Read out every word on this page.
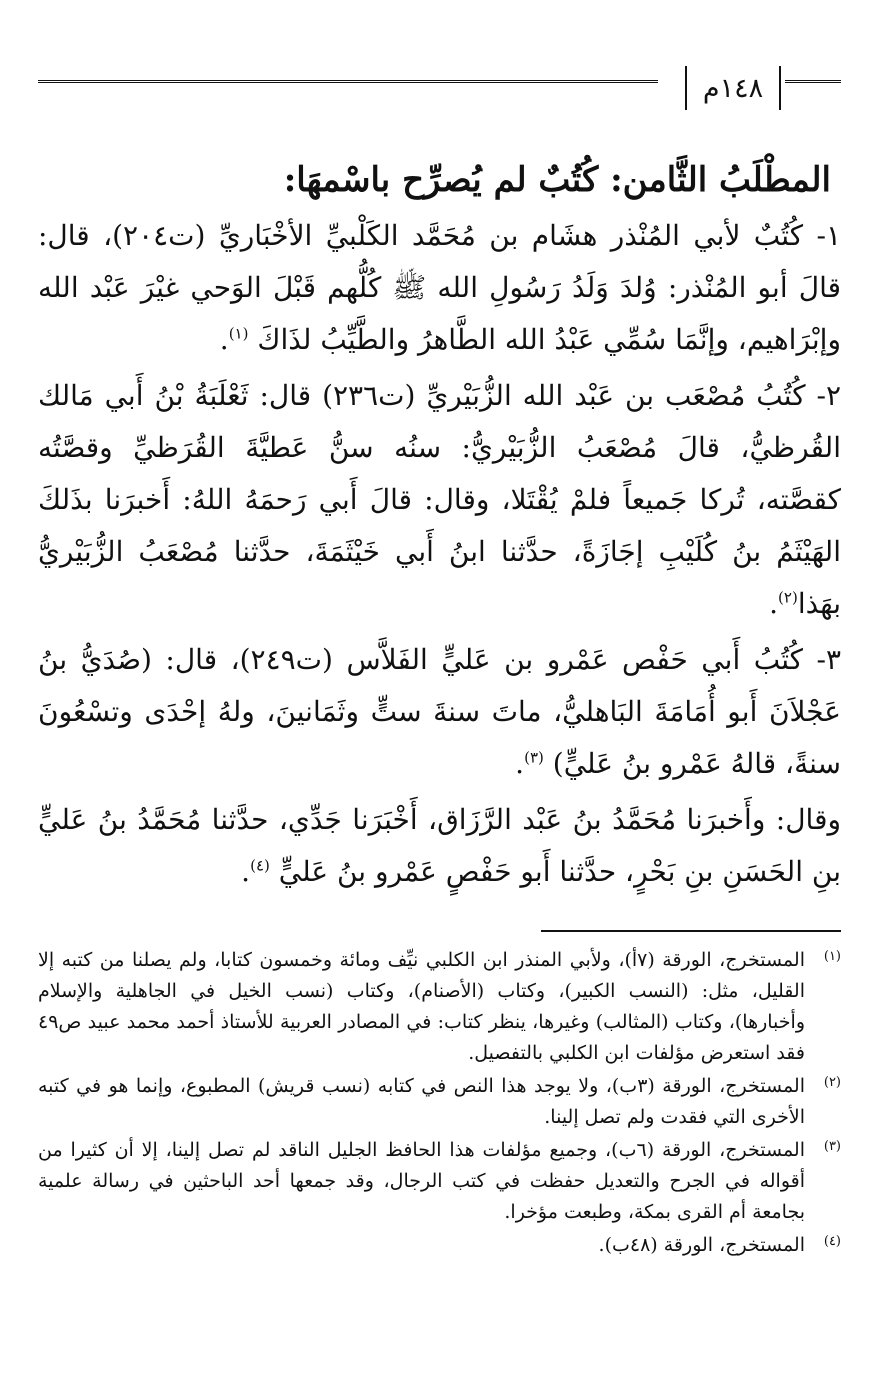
١٤٨م
المطْلَبُ الثَّامن: كُتُبٌ لم يُصرِّح باسْمهَا:

١- كُتُبٌ لأبي المُنْذر هشَام بن مُحَمَّد الكَلْبيِّ الأخْبَاريِّ (ت٢٠٤)، قال: قالَ أبو المُنْذر: وُلدَ وَلَدُ رَسُولِ الله ﷺ كُلُّهم قَبْلَ الوَحي غيْرَ عَبْد الله وإبْرَاهيم، وإنَّمَا سُمِّي عَبْدُ الله الطَّاهرُ والطَّيِّبُ لذَاكَ $^{(١)}$.

٢- كُتُبُ مُصْعَب بن عَبْد الله الزُّبَيْريِّ (ت٢٣٦) قال: ثَعْلَبَةُ بْنُ أَبي مَالك القُرظيُّ، قالَ مُصْعَبُ الزُّبَيْريُّ: سنُه سنُّ عَطيَّةَ القُرَظيِّ وقصَّتُه كقصَّته، تُركا جَميعاً فلمْ يُقْتَلا، وقال: قالَ أَبي رَحمَهُ اللهُ: أَخبرَنا بذَلكَ الهَيْثَمُ بنُ كُلَيْبِ إجَازَةً، حدَّثنا ابنُ أَبي خَيْثَمَةَ، حدَّثنا مُصْعَبُ الزُّبَيْريُّ بهَذا$^{(٢)}$.

٣- كُتُبُ أَبي حَفْص عَمْرو بن عَليٍّ الفَلاَّس (ت٢٤٩)، قال: (صُدَيُّ بنُ عَجْلاَنَ أَبو أُمَامَةَ البَاهليُّ، ماتَ سنةَ ستٍّ وثَمَانينَ، ولهُ إحْدَى وتسْعُونَ سنةً، قالهُ عَمْرو بنُ عَليٍّ) $^{(٣)}$.

وقال: وأَخبرَنا مُحَمَّدُ بنُ عَبْد الرَّزَاق، أَخْبَرَنا جَدِّي، حدَّثنا مُحَمَّدُ بنُ عَليٍّ بنِ الحَسَنِ بنِ بَحْرٍ، حدَّثنا أَبو حَفْصٍ عَمْرو بنُ عَليٍّ $^{(٤)}$.

(١)
المستخرج، الورقة (٧أ)، ولأبي المنذر ابن الكلبي نيِّف ومائة وخمسون كتابا، ولم يصلنا من كتبه إلا القليل، مثل: (النسب الكبير)، وكتاب (الأصنام)، وكتاب (نسب الخيل في الجاهلية والإسلام وأخبارها)، وكتاب (المثالب) وغيرها، ينظر كتاب: في المصادر العربية للأستاذ أحمد محمد عبيد ص٤٩ فقد استعرض مؤلفات ابن الكلبي بالتفصيل.
(٢)
المستخرج، الورقة (٣ب)، ولا يوجد هذا النص في كتابه (نسب قريش) المطبوع، وإنما هو في كتبه الأخرى التي فقدت ولم تصل إلينا.
(٣)
المستخرج، الورقة (٦ب)، وجميع مؤلفات هذا الحافظ الجليل الناقد لم تصل إلينا، إلا أن كثيرا من أقواله في الجرح والتعديل حفظت في كتب الرجال، وقد جمعها أحد الباحثين في رسالة علمية بجامعة أم القرى بمكة، وطبعت مؤخرا.
(٤)
المستخرج، الورقة (٤٨ب).
